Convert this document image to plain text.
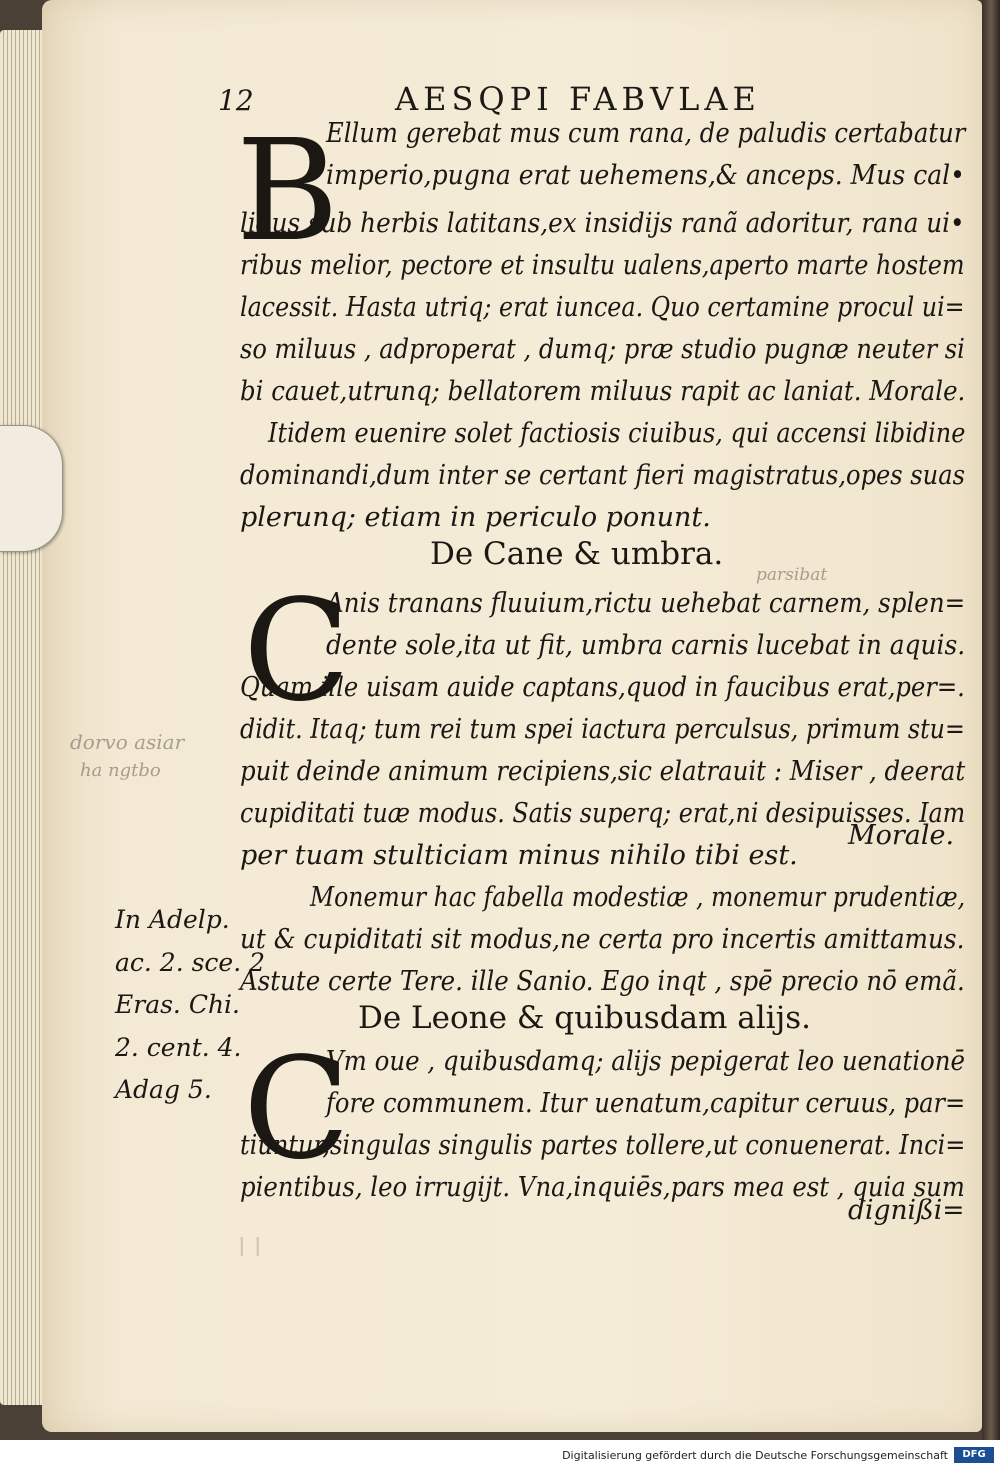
12	AESQPI FABVLAE
B
Ellum gerebat mus cum rana, de paludis certabatur
imperio,pugna erat uehemens,& anceps. Mus cal•
lidus sub herbis latitans,ex insidijs ranã adoritur, rana ui•
ribus melior, pectore et insultu ualens,aperto marte hostem
lacessit. Hasta utriq; erat iuncea. Quo certamine procul ui=
so miluus , adproperat , dumq; præ studio pugnæ neuter si
bi cauet,utrunq; bellatorem miluus rapit ac laniat. Morale.
Itidem euenire solet factiosis ciuibus, qui accensi libidine
dominandi,dum inter se certant fieri magistratus,opes suas
plerunq; etiam in periculo ponunt.
De Cane & umbra.
C
Anis tranans fluuium,rictu uehebat carnem, splen=
dente sole,ita ut fit, umbra carnis lucebat in aquis.
Quam ille uisam auide captans,quod in faucibus erat,per=.
didit. Itaq; tum rei tum spei iactura perculsus, primum stu=
puit deinde animum recipiens,sic elatrauit : Miser , deerat
cupiditati tuæ modus. Satis superq; erat,ni desipuisses. Iam
per tuam stulticiam minus nihilo tibi est.
Morale.
Monemur hac fabella modestiæ , monemur prudentiæ,
ut & cupiditati sit modus,ne certa pro incertis amittamus.
Astute certe Tere. ille Sanio. Ego inqt , spē precio nō emã.
De Leone & quibusdam alijs.
C
Vm oue , quibusdamq; alijs pepigerat leo uenationē
fore communem. Itur uenatum,capitur ceruus, par=
tiuntur,singulas singulis partes tollere,ut conuenerat. Inci=
pientibus, leo irrugijt. Vna,inquiēs,pars mea est , quia sum
dignißi=
In Adelp.
ac. 2. sce. 2
Eras. Chi.
2. cent. 4.
Adag 5.
parsibat
dorvo asiar
ha ngtbo
ǀ ǀ
Digitalisierung gefördert durch die Deutsche Forschungsgemeinschaft	DFG
